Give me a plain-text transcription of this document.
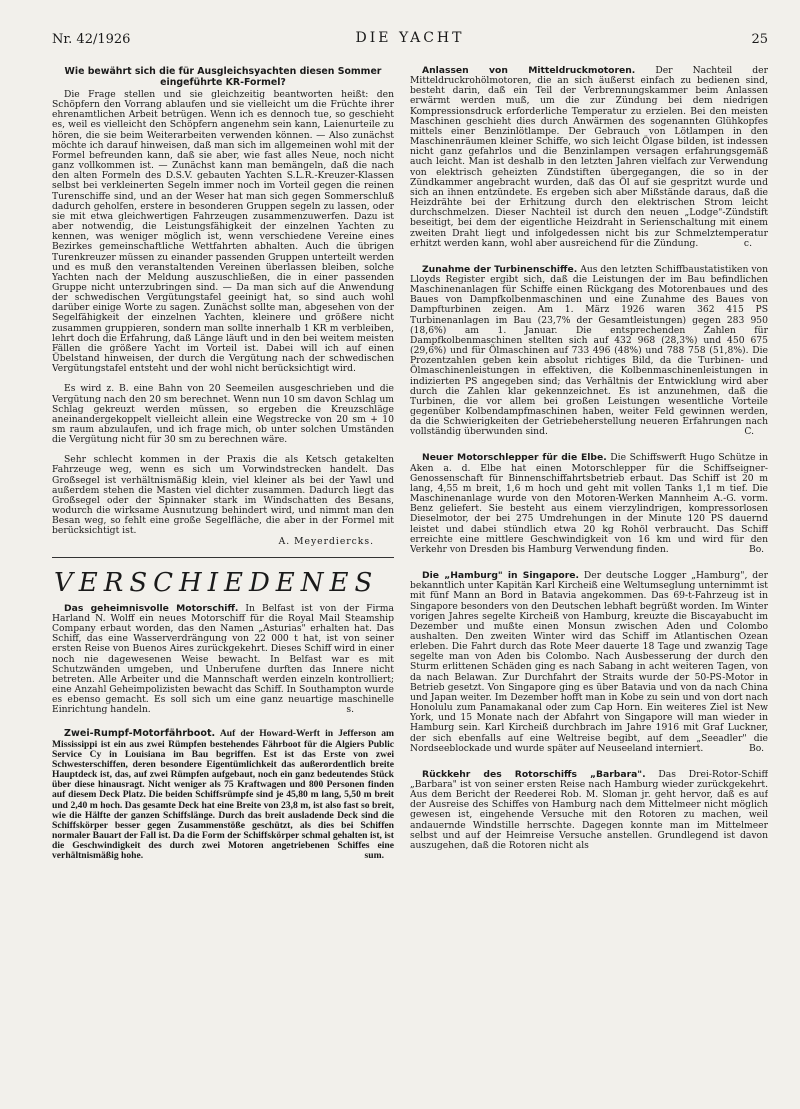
Nr. 42/1926	DIE YACHT	25
Wie bewährt sich die für Ausgleichsyachten diesen Sommer eingeführte KR-Formel?

Die Frage stellen und sie gleichzeitig beantworten heißt: den Schöpfern den Vorrang ablaufen und sie vielleicht um die Früchte ihrer ehrenamtlichen Arbeit betrügen. Wenn ich es dennoch tue, so geschieht es, weil es vielleicht den Schöpfern angenehm sein kann, Laienurteile zu hören, die sie beim Weiterarbeiten verwenden können. — Also zunächst möchte ich darauf hinweisen, daß man sich im allgemeinen wohl mit der Formel befreunden kann, daß sie aber, wie fast alles Neue, noch nicht ganz vollkommen ist. — Zunächst kann man bemängeln, daß die nach den alten Formeln des D.S.V. gebauten Yachten S.L.R.-Kreuzer-Klassen selbst bei verkleinerten Segeln immer noch im Vorteil gegen die reinen Turenschiffe sind, und an der Weser hat man sich gegen Sommerschluß dadurch geholfen, erstere in besonderen Gruppen segeln zu lassen, oder sie mit etwa gleichwertigen Fahrzeugen zusammenzuwerfen. Dazu ist aber notwendig, die Leistungsfähigkeit der einzelnen Yachten zu kennen, was weniger möglich ist, wenn verschiedene Vereine eines Bezirkes gemeinschaftliche Wettfahrten abhalten. Auch die übrigen Turenkreuzer müssen zu einander passenden Gruppen unterteilt werden und es muß den veranstaltenden Vereinen überlassen bleiben, solche Yachten nach der Meldung auszuschließen, die in einer passenden Gruppe nicht unterzubringen sind. — Da man sich auf die Anwendung der schwedischen Vergütungstafel geeinigt hat, so sind auch wohl darüber einige Worte zu sagen. Zunächst sollte man, abgesehen von der Segelfähigkeit der einzelnen Yachten, kleinere und größere nicht zusammen gruppieren, sondern man sollte innerhalb 1 KR m verbleiben, lehrt doch die Erfahrung, daß Länge läuft und in den bei weitem meisten Fällen die größere Yacht im Vorteil ist. Dabei will ich auf einen Übelstand hinweisen, der durch die Vergütung nach der schwedischen Vergütungstafel entsteht und der wohl nicht berücksichtigt wird.

Es wird z. B. eine Bahn von 20 Seemeilen ausgeschrieben und die Vergütung nach den 20 sm berechnet. Wenn nun 10 sm davon Schlag um Schlag gekreuzt werden müssen, so ergeben die Kreuzschläge aneinandergekoppelt vielleicht allein eine Wegstrecke von 20 sm + 10 sm raum abzulaufen, und ich frage mich, ob unter solchen Umständen die Vergütung nicht für 30 sm zu berechnen wäre.

Sehr schlecht kommen in der Praxis die als Ketsch getakelten Fahrzeuge weg, wenn es sich um Vorwindstrecken handelt. Das Großsegel ist verhältnismäßig klein, viel kleiner als bei der Yawl und außerdem stehen die Masten viel dichter zusammen. Dadurch liegt das Großsegel oder der Spinnaker stark im Windschatten des Besans, wodurch die wirksame Ausnutzung behindert wird, und nimmt man den Besan weg, so fehlt eine große Segelfläche, die aber in der Formel mit berücksichtigt ist.

A. Meyerdiercks.

VERSCHIEDENES

Das geheimnisvolle Motorschiff. In Belfast ist von der Firma Harland N. Wolff ein neues Motorschiff für die Royal Mail Steamship Company erbaut worden, das den Namen „Asturias" erhalten hat. Das Schiff, das eine Wasserverdrängung von 22 000 t hat, ist von seiner ersten Reise von Buenos Aires zurückgekehrt. Dieses Schiff wird in einer noch nie dagewesenen Weise bewacht. In Belfast war es mit Schutzwänden umgeben, und Unberufene durften das Innere nicht betreten. Alle Arbeiter und die Mannschaft werden einzeln kontrolliert; eine Anzahl Geheimpolizisten bewacht das Schiff. In Southampton wurde es ebenso gemacht. Es soll sich um eine ganz neuartige maschinelle Einrichtung handeln.	s.

Zwei-Rumpf-Motorfährboot. Auf der Howard-Werft in Jefferson am Mississippi ist ein aus zwei Rümpfen bestehendes Fährboot für die Algiers Public Service Cy in Louisiana im Bau begriffen. Est ist das Erste von zwei Schwesterschiffen, deren besondere Eigentümlichkeit das außerordentlich breite Hauptdeck ist, das, auf zwei Rümpfen aufgebaut, noch ein ganz bedeutendes Stück über diese hinausragt. Nicht weniger als 75 Kraftwagen und 800 Personen finden auf diesem Deck Platz. Die beiden Schiffsrümpfe sind je 45,80 m lang, 5,50 m breit und 2,40 m hoch. Das gesamte Deck hat eine Breite von 23,8 m, ist also fast so breit, wie die Hälfte der ganzen Schiffslänge. Durch das breit ausladende Deck sind die Schiffskörper besser gegen Zusammenstöße geschützt, als dies bei Schiffen normaler Bauart der Fall ist. Da die Form der Schiffskörper schmal gehalten ist, ist die Geschwindigkeit des durch zwei Motoren angetriebenen Schiffes eine verhältnismäßig hohe.	sum.

Anlassen von Mitteldruckmotoren. Der Nachteil der Mitteldruckrohölmotoren, die an sich äußerst einfach zu bedienen sind, besteht darin, daß ein Teil der Verbrennungskammer beim Anlassen erwärmt werden muß, um die zur Zündung bei dem niedrigen Kompressionsdruck erforderliche Temperatur zu erzielen. Bei den meisten Maschinen geschieht dies durch Anwärmen des sogenannten Glühkopfes mittels einer Benzinlötlampe. Der Gebrauch von Lötlampen in den Maschinenräumen kleiner Schiffe, wo sich leicht Ölgase bilden, ist indessen nicht ganz gefahrlos und die Benzinlampen versagen erfahrungsgemäß auch leicht. Man ist deshalb in den letzten Jahren vielfach zur Verwendung von elektrisch geheizten Zündstiften übergegangen, die so in der Zündkammer angebracht wurden, daß das Öl auf sie gespritzt wurde und sich an ihnen entzündete. Es ergeben sich aber Mißstände daraus, daß die Heizdrähte bei der Erhitzung durch den elektrischen Strom leicht durchschmelzen. Dieser Nachteil ist durch den neuen „Lodge"-Zündstift beseitigt, bei dem der eigentliche Heizdraht in Serienschaltung mit einem zweiten Draht liegt und infolgedessen nicht bis zur Schmelztemperatur erhitzt werden kann, wohl aber ausreichend für die Zündung.	c.

Zunahme der Turbinenschiffe. Aus den letzten Schiffbaustatistiken von Lloyds Register ergibt sich, daß die Leistungen der im Bau befindlichen Maschinenanlagen für Schiffe einen Rückgang des Motorenbaues und des Baues von Dampfkolbenmaschinen und eine Zunahme des Baues von Dampfturbinen zeigen. Am 1. März 1926 waren 362 415 PS Turbinenanlagen im Bau (23,7% der Gesamtleistungen) gegen 283 950 (18,6%) am 1. Januar. Die entsprechenden Zahlen für Dampfkolbenmaschinen stellten sich auf 432 968 (28,3%) und 450 675 (29,6%) und für Ölmaschinen auf 733 496 (48%) und 788 758 (51,8%). Die Prozentzahlen geben kein absolut richtiges Bild, da die Turbinen- und Ölmaschinenleistungen in effektiven, die Kolbenmaschinenleistungen in indizierten PS angegeben sind; das Verhältnis der Entwicklung wird aber durch die Zahlen klar gekennzeichnet. Es ist anzunehmen, daß die Turbinen, die vor allem bei großen Leistungen wesentliche Vorteile gegenüber Kolbendampfmaschinen haben, weiter Feld gewinnen werden, da die Schwierigkeiten der Getriebeherstellung neueren Erfahrungen nach vollständig überwunden sind.	C.

Neuer Motorschlepper für die Elbe. Die Schiffswerft Hugo Schütze in Aken a. d. Elbe hat einen Motorschlepper für die Schiffseigner-Genossenschaft für Binnenschiffahrtsbetrieb erbaut. Das Schiff ist 20 m lang, 4,55 m breit, 1,6 m hoch und geht mit vollen Tanks 1,1 m tief. Die Maschinenanlage wurde von den Motoren-Werken Mannheim A.-G. vorm. Benz geliefert. Sie besteht aus einem vierzylindrigen, kompressorlosen Dieselmotor, der bei 275 Umdrehungen in der Minute 120 PS dauernd leistet und dabei stündlich etwa 20 kg Rohöl verbraucht. Das Schiff erreichte eine mittlere Geschwindigkeit von 16 km und wird für den Verkehr von Dresden bis Hamburg Verwendung finden.	Bo.

Die „Hamburg" in Singapore. Der deutsche Logger „Hamburg", der bekanntlich unter Kapitän Karl Kircheiß eine Weltumseglung unternimmt ist mit fünf Mann an Bord in Batavia angekommen. Das 69-t-Fahrzeug ist in Singapore besonders von den Deutschen lebhaft begrüßt worden. Im Winter vorigen Jahres segelte Kircheiß von Hamburg, kreuzte die Biscayabucht im Dezember und mußte einen Monsun zwischen Aden und Colombo aushalten. Den zweiten Winter wird das Schiff im Atlantischen Ozean erleben. Die Fahrt durch das Rote Meer dauerte 18 Tage und zwanzig Tage segelte man von Aden bis Colombo. Nach Ausbesserung der durch den Sturm erlittenen Schäden ging es nach Sabang in acht weiteren Tagen, von da nach Belawan. Zur Durchfahrt der Straits wurde der 50-PS-Motor in Betrieb gesetzt. Von Singapore ging es über Batavia und von da nach China und Japan weiter. Im Dezember hofft man in Kobe zu sein und von dort nach Honolulu zum Panamakanal oder zum Cap Horn. Ein weiteres Ziel ist New York, und 15 Monate nach der Abfahrt von Singapore will man wieder in Hamburg sein. Karl Kircheiß durchbrach im Jahre 1916 mit Graf Luckner, der sich ebenfalls auf eine Weltreise begibt, auf dem „Seeadler" die Nordseeblockade und wurde später auf Neuseeland interniert.	Bo.

Rückkehr des Rotorschiffs „Barbara". Das Drei-Rotor-Schiff „Barbara" ist von seiner ersten Reise nach Hamburg wieder zurückgekehrt. Aus dem Bericht der Reederei Rob. M. Sloman jr. geht hervor, daß es auf der Ausreise des Schiffes von Hamburg nach dem Mittelmeer nicht möglich gewesen ist, eingehende Versuche mit den Rotoren zu machen, weil andauernde Windstille herrschte. Dagegen konnte man im Mittelmeer selbst und auf der Heimreise Versuche anstellen. Grundlegend ist davon auszugehen, daß die Rotoren nicht als
